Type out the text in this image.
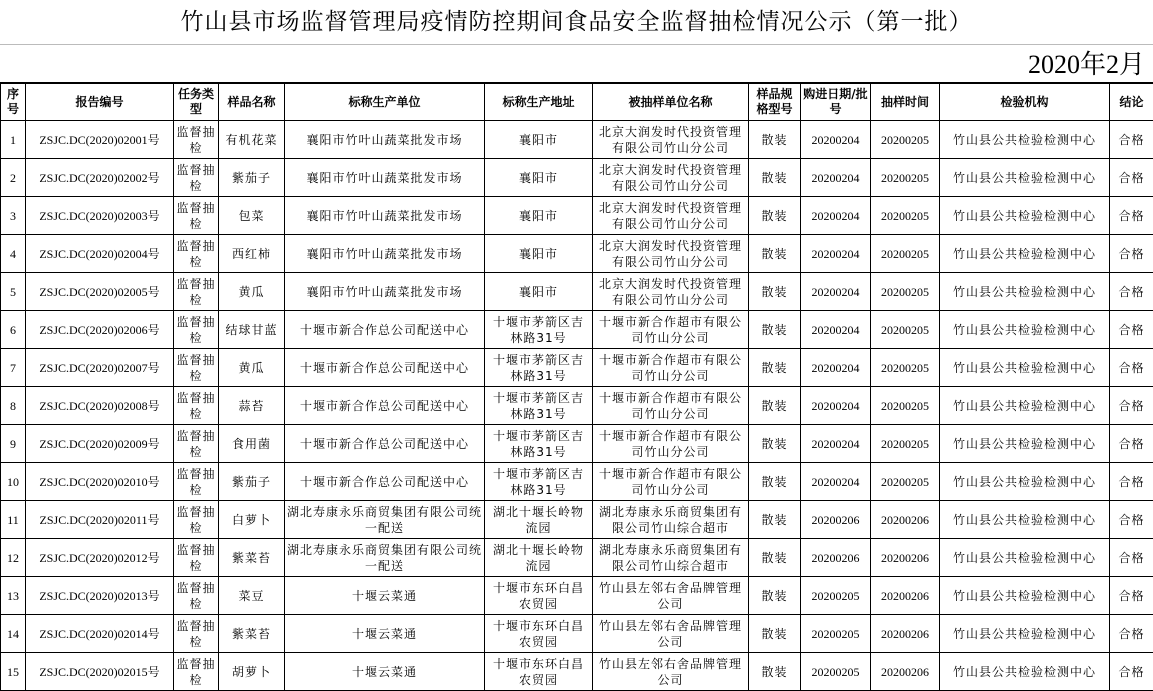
竹山县市场监督管理局疫情防控期间食品安全监督抽检情况公示（第一批）
2020年2月
序号	报告编号	任务类型	样品名称	标称生产单位	标称生产地址	被抽样单位名称	样品规格型号	购进日期/批号	抽样时间	检验机构	结论
1	ZSJC.DC(2020)02001号	监督抽检	有机花菜	襄阳市竹叶山蔬菜批发市场	襄阳市	北京大润发时代投资管理有限公司竹山分公司	散装	20200204	20200205	竹山县公共检验检测中心	合格
2	ZSJC.DC(2020)02002号	监督抽检	紫茄子	襄阳市竹叶山蔬菜批发市场	襄阳市	北京大润发时代投资管理有限公司竹山分公司	散装	20200204	20200205	竹山县公共检验检测中心	合格
3	ZSJC.DC(2020)02003号	监督抽检	包菜	襄阳市竹叶山蔬菜批发市场	襄阳市	北京大润发时代投资管理有限公司竹山分公司	散装	20200204	20200205	竹山县公共检验检测中心	合格
4	ZSJC.DC(2020)02004号	监督抽检	西红柿	襄阳市竹叶山蔬菜批发市场	襄阳市	北京大润发时代投资管理有限公司竹山分公司	散装	20200204	20200205	竹山县公共检验检测中心	合格
5	ZSJC.DC(2020)02005号	监督抽检	黄瓜	襄阳市竹叶山蔬菜批发市场	襄阳市	北京大润发时代投资管理有限公司竹山分公司	散装	20200204	20200205	竹山县公共检验检测中心	合格
6	ZSJC.DC(2020)02006号	监督抽检	结球甘蓝	十堰市新合作总公司配送中心	十堰市茅箭区吉林路31号	十堰市新合作超市有限公司竹山分公司	散装	20200204	20200205	竹山县公共检验检测中心	合格
7	ZSJC.DC(2020)02007号	监督抽检	黄瓜	十堰市新合作总公司配送中心	十堰市茅箭区吉林路31号	十堰市新合作超市有限公司竹山分公司	散装	20200204	20200205	竹山县公共检验检测中心	合格
8	ZSJC.DC(2020)02008号	监督抽检	蒜苔	十堰市新合作总公司配送中心	十堰市茅箭区吉林路31号	十堰市新合作超市有限公司竹山分公司	散装	20200204	20200205	竹山县公共检验检测中心	合格
9	ZSJC.DC(2020)02009号	监督抽检	食用菌	十堰市新合作总公司配送中心	十堰市茅箭区吉林路31号	十堰市新合作超市有限公司竹山分公司	散装	20200204	20200205	竹山县公共检验检测中心	合格
10	ZSJC.DC(2020)02010号	监督抽检	紫茄子	十堰市新合作总公司配送中心	十堰市茅箭区吉林路31号	十堰市新合作超市有限公司竹山分公司	散装	20200204	20200205	竹山县公共检验检测中心	合格
11	ZSJC.DC(2020)02011号	监督抽检	白萝卜	湖北寿康永乐商贸集团有限公司统一配送	湖北十堰长岭物流园	湖北寿康永乐商贸集团有限公司竹山综合超市	散装	20200206	20200206	竹山县公共检验检测中心	合格
12	ZSJC.DC(2020)02012号	监督抽检	紫菜苔	湖北寿康永乐商贸集团有限公司统一配送	湖北十堰长岭物流园	湖北寿康永乐商贸集团有限公司竹山综合超市	散装	20200206	20200206	竹山县公共检验检测中心	合格
13	ZSJC.DC(2020)02013号	监督抽检	菜豆	十堰云菜通	十堰市东环白昌农贸园	竹山县左邻右舍品牌管理公司	散装	20200205	20200206	竹山县公共检验检测中心	合格
14	ZSJC.DC(2020)02014号	监督抽检	紫菜苔	十堰云菜通	十堰市东环白昌农贸园	竹山县左邻右舍品牌管理公司	散装	20200205	20200206	竹山县公共检验检测中心	合格
15	ZSJC.DC(2020)02015号	监督抽检	胡萝卜	十堰云菜通	十堰市东环白昌农贸园	竹山县左邻右舍品牌管理公司	散装	20200205	20200206	竹山县公共检验检测中心	合格
